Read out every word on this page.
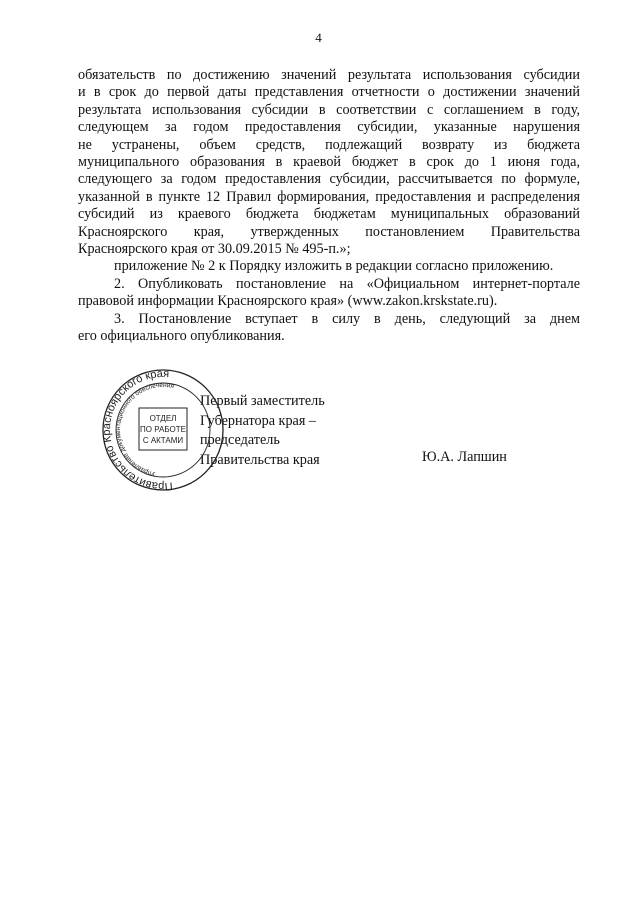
4

обязательств по достижению значений результата использования субсидии

и в срок до первой даты представления отчетности о достижении значений

результата использования субсидии в соответствии с соглашением в году,

следующем за годом предоставления субсидии, указанные нарушения

не устранены, объем средств, подлежащий возврату из бюджета

муниципального образования в краевой бюджет в срок до 1 июня года,

следующего за годом предоставления субсидии, рассчитывается по формуле,

указанной в пункте 12 Правил формирования, предоставления и распределения

субсидий из краевого бюджета бюджетам муниципальных образований

Красноярского края, утвержденных постановлением Правительства

Красноярского края от 30.09.2015 № 495-п.»;

приложение № 2 к Порядку изложить в редакции согласно приложению.

2. Опубликовать постановление на «Официальном интернет-портале

правовой информации Красноярского края» (www.zakon.krskstate.ru).

3. Постановление вступает в силу в день, следующий за днем

его официального опубликования.

Первый заместитель

Губернатора края –

председатель

Правительства края	Ю.А. Лапшин
Правительство Красноярского края
Управление документационного обеспечения
ОТДЕЛ
ПО РАБОТЕ
С АКТАМИ
